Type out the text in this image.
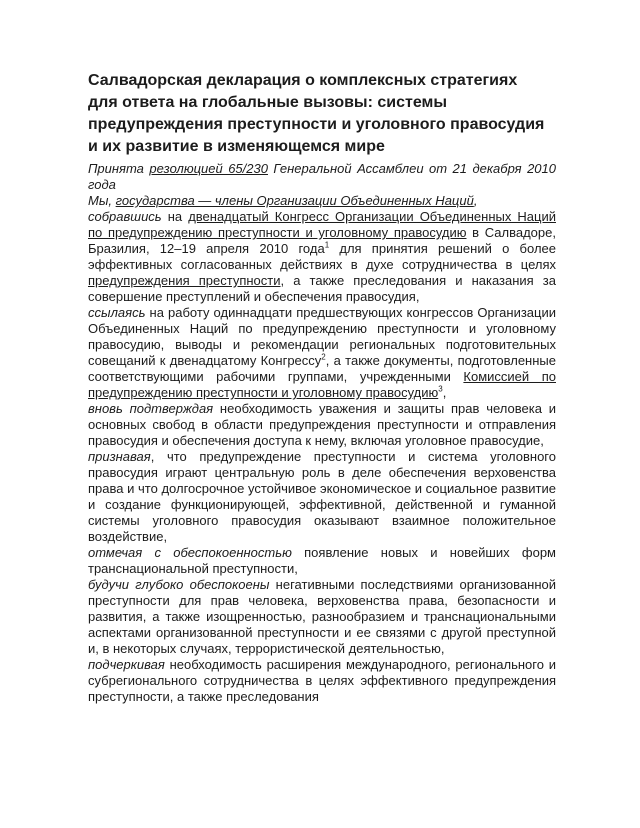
Салвадорская декларация о комплексных стратегиях для ответа на глобальные вызовы: системы предупреждения преступности и уголовного правосудия и их развитие в изменяющемся мире

Принята резолюцией 65/230 Генеральной Ассамблеи от 21 декабря 2010 года

Мы, государства — члены Организации Объединенных Наций,

собравшись на двенадцатый Конгресс Организации Объединенных Наций по предупреждению преступности и уголовному правосудию в Салвадоре, Бразилия, 12–19 апреля 2010 года$^1$ для принятия решений о более эффективных согласованных действиях в духе сотрудничества в целях предупреждения преступности, а также преследования и наказания за совершение преступлений и обеспечения правосудия,

ссылаясь на работу одиннадцати предшествующих конгрессов Организации Объединенных Наций по предупреждению преступности и уголовному правосудию, выводы и рекомендации региональных подготовительных совещаний к двенадцатому Конгрессу$^2$, а также документы, подготовленные соответствующими рабочими группами, учрежденными Комиссией по предупреждению преступности и уголовному правосудию$^3$,

вновь подтверждая необходимость уважения и защиты прав человека и основных свобод в области предупреждения преступности и отправления правосудия и обеспечения доступа к нему, включая уголовное правосудие,

признавая, что предупреждение преступности и система уголовного правосудия играют центральную роль в деле обеспечения верховенства права и что долгосрочное устойчивое экономическое и социальное развитие и создание функционирующей, эффективной, действенной и гуманной системы уголовного правосудия оказывают взаимное положительное воздействие,

отмечая с обеспокоенностью появление новых и новейших форм транснациональной преступности,

будучи глубоко обеспокоены негативными последствиями организованной преступности для прав человека, верховенства права, безопасности и развития, а также изощренностью, разнообразием и транснациональными аспектами организованной преступности и ее связями с другой преступной и, в некоторых случаях, террористической деятельностью,

подчеркивая необходимость расширения международного, регионального и субрегионального сотрудничества в целях эффективного предупреждения преступности, а также преследования
